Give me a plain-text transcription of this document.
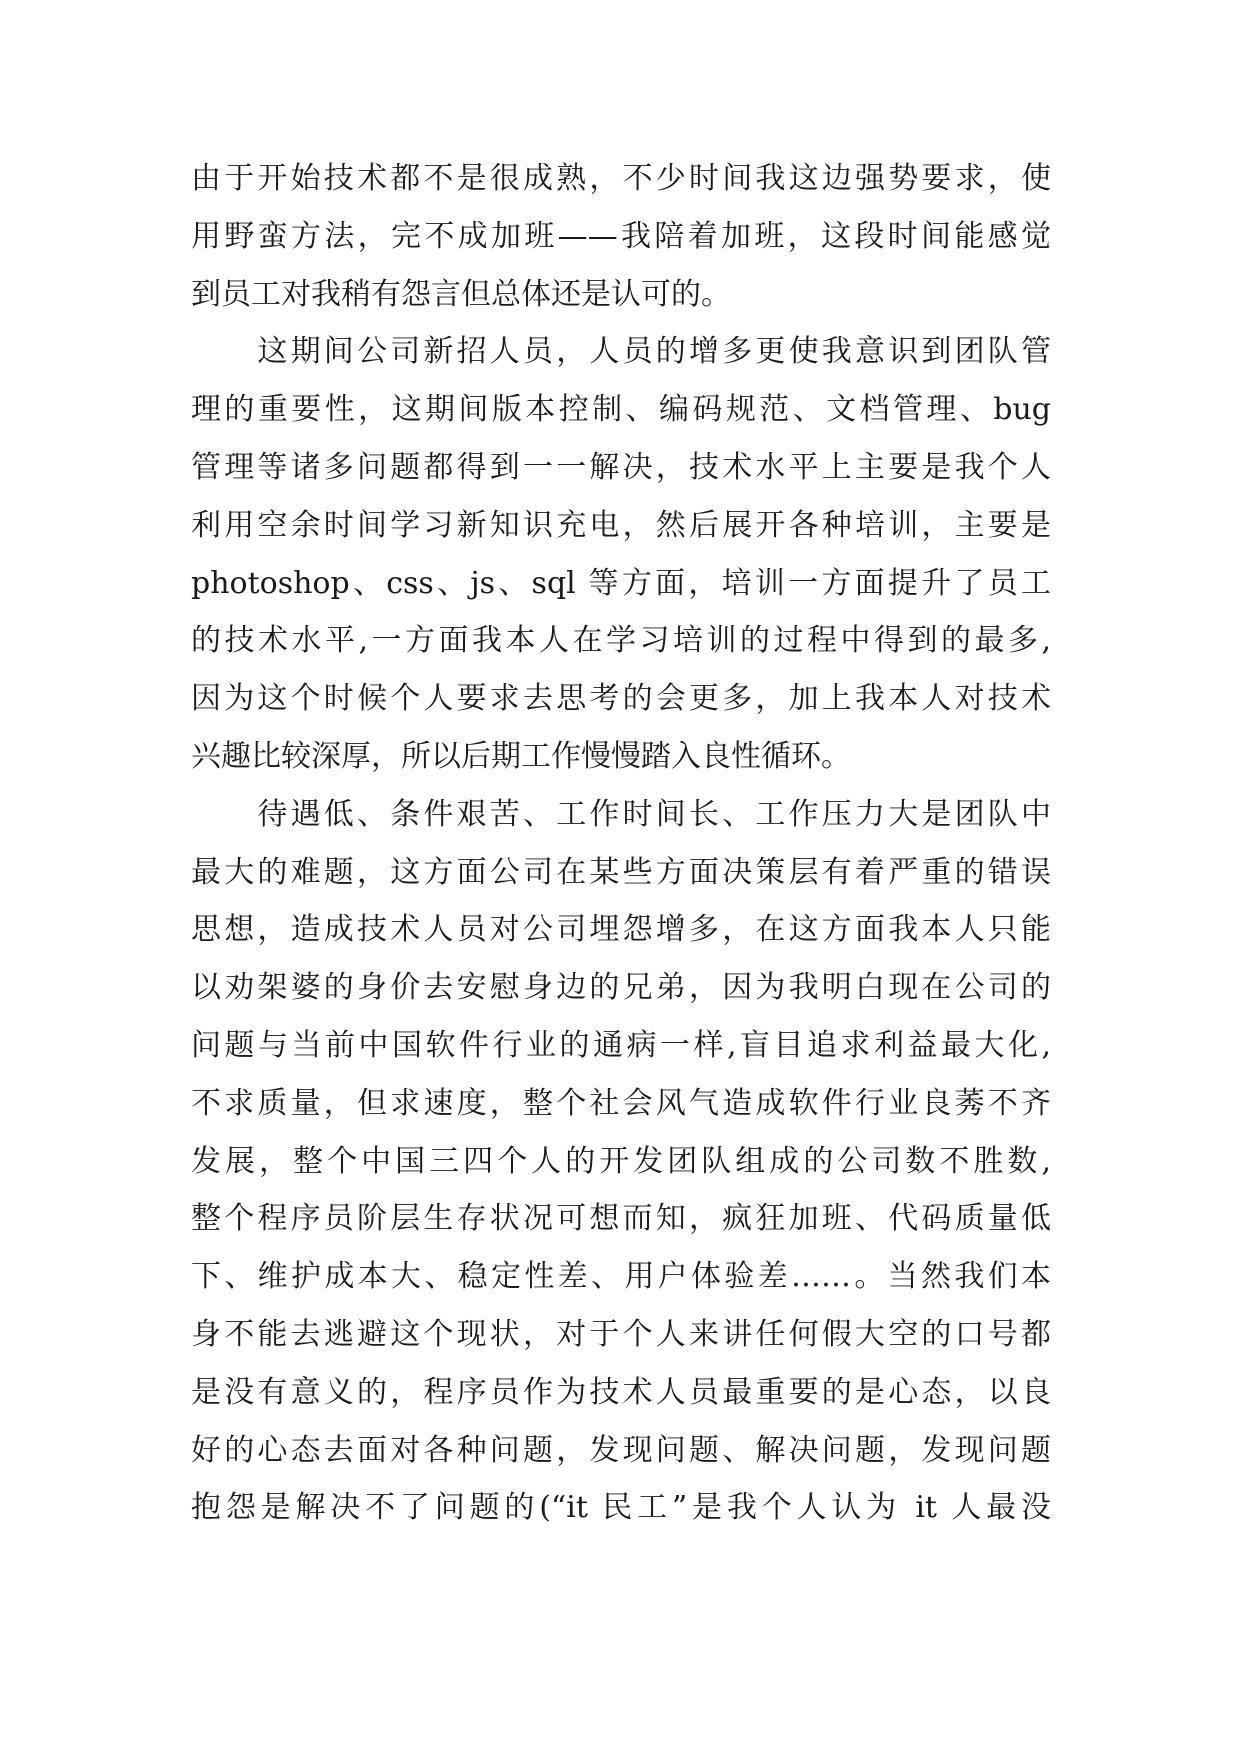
由于开始技术都不是很成熟，不少时间我这边强势要求，使
用野蛮方法，完不成加班——我陪着加班，这段时间能感觉
到员工对我稍有怨言但总体还是认可的。
　　这期间公司新招人员，人员的增多更使我意识到团队管
理的重要性，这期间版本控制、编码规范、文档管理、bug
管理等诸多问题都得到一一解决，技术水平上主要是我个人
利用空余时间学习新知识充电，然后展开各种培训，主要是
photoshop、css、js、sql 等方面，培训一方面提升了员工
的技术水平,一方面我本人在学习培训的过程中得到的最多,
因为这个时候个人要求去思考的会更多，加上我本人对技术
兴趣比较深厚，所以后期工作慢慢踏入良性循环。
　　待遇低、条件艰苦、工作时间长、工作压力大是团队中
最大的难题，这方面公司在某些方面决策层有着严重的错误
思想，造成技术人员对公司埋怨增多，在这方面我本人只能
以劝架婆的身价去安慰身边的兄弟，因为我明白现在公司的
问题与当前中国软件行业的通病一样,盲目追求利益最大化,
不求质量，但求速度，整个社会风气造成软件行业良莠不齐
发展，整个中国三四个人的开发团队组成的公司数不胜数,
整个程序员阶层生存状况可想而知，疯狂加班、代码质量低
下、维护成本大、稳定性差、用户体验差……。当然我们本
身不能去逃避这个现状，对于个人来讲任何假大空的口号都
是没有意义的，程序员作为技术人员最重要的是心态，以良
好的心态去面对各种问题，发现问题、解决问题，发现问题
抱怨是解决不了问题的(“it 民工”是我个人认为 it 人最没
